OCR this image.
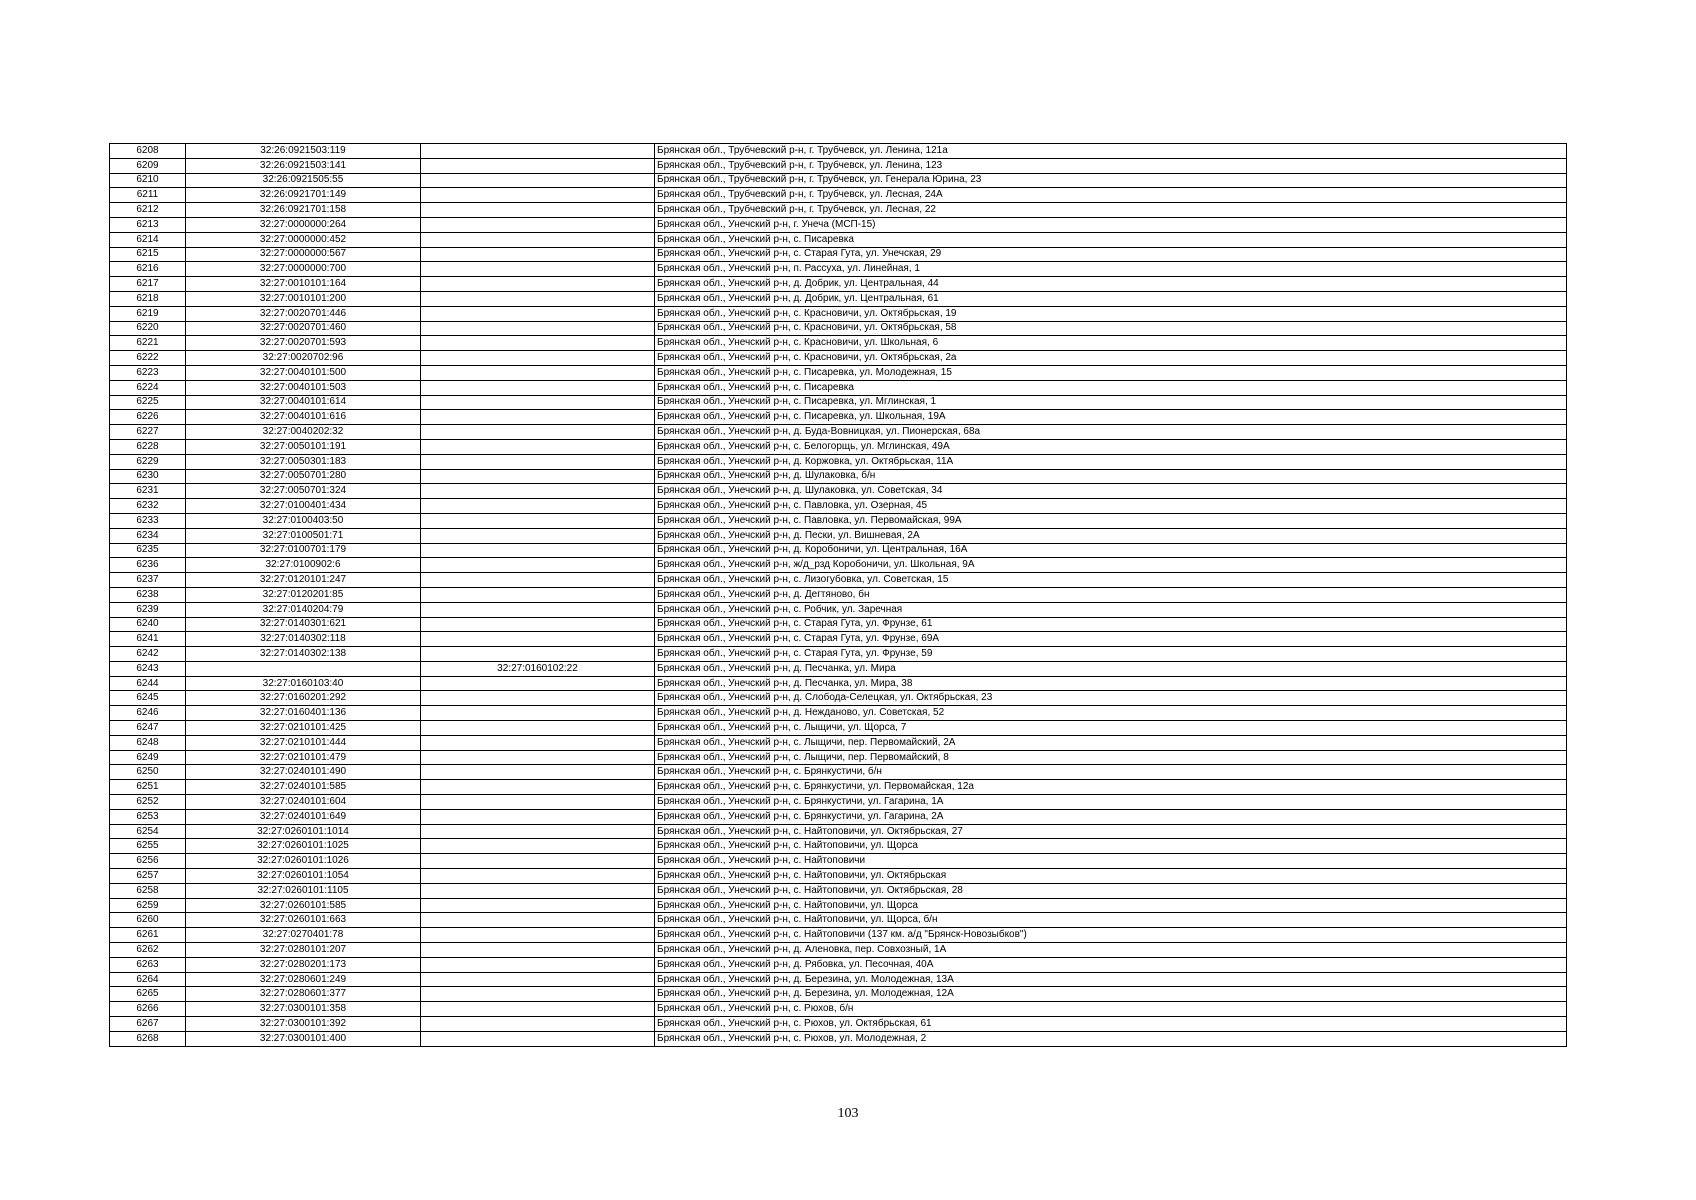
6208	32:26:0921503:119		Брянская обл., Трубчевский р-н, г. Трубчевск, ул. Ленина, 121а
6209	32:26:0921503:141		Брянская обл., Трубчевский р-н, г. Трубчевск, ул. Ленина, 123
6210	32:26:0921505:55		Брянская обл., Трубчевский р-н, г. Трубчевск, ул. Генерала Юрина, 23
6211	32:26:0921701:149		Брянская обл., Трубчевский р-н, г. Трубчевск, ул. Лесная, 24А
6212	32:26:0921701:158		Брянская обл., Трубчевский р-н, г. Трубчевск, ул. Лесная, 22
6213	32:27:0000000:264		Брянская обл., Унечский р-н, г. Унеча (МСП-15)
6214	32:27:0000000:452		Брянская обл., Унечский р-н, с. Писаревка
6215	32:27:0000000:567		Брянская обл., Унечский р-н, с. Старая Гута, ул. Унечская, 29
6216	32:27:0000000:700		Брянская обл., Унечский р-н, п. Рассуха, ул. Линейная, 1
6217	32:27:0010101:164		Брянская обл., Унечский р-н, д. Добрик, ул. Центральная, 44
6218	32:27:0010101:200		Брянская обл., Унечский р-н, д. Добрик, ул. Центральная, 61
6219	32:27:0020701:446		Брянская обл., Унечский р-н, с. Красновичи, ул. Октябрьская, 19
6220	32:27:0020701:460		Брянская обл., Унечский р-н, с. Красновичи, ул. Октябрьская, 58
6221	32:27:0020701:593		Брянская обл., Унечский р-н, с. Красновичи, ул. Школьная, 6
6222	32:27:0020702:96		Брянская обл., Унечский р-н, с. Красновичи, ул. Октябрьская, 2а
6223	32:27:0040101:500		Брянская обл., Унечский р-н, с. Писаревка, ул. Молодежная, 15
6224	32:27:0040101:503		Брянская обл., Унечский р-н, с. Писаревка
6225	32:27:0040101:614		Брянская обл., Унечский р-н, с. Писаревка, ул. Мглинская, 1
6226	32:27:0040101:616		Брянская обл., Унечский р-н, с. Писаревка, ул. Школьная, 19А
6227	32:27:0040202:32		Брянская обл., Унечский р-н, д. Буда-Вовницкая, ул. Пионерская, 68а
6228	32:27:0050101:191		Брянская обл., Унечский р-н, с. Белогорщь, ул. Мглинская, 49А
6229	32:27:0050301:183		Брянская обл., Унечский р-н, д. Коржовка, ул. Октябрьская, 11А
6230	32:27:0050701:280		Брянская обл., Унечский р-н, д. Шулаковка, б/н
6231	32:27:0050701:324		Брянская обл., Унечский р-н, д. Шулаковка, ул. Советская, 34
6232	32:27:0100401:434		Брянская обл., Унечский р-н, с. Павловка, ул. Озерная, 45
6233	32:27:0100403:50		Брянская обл., Унечский р-н, с. Павловка, ул. Первомайская, 99А
6234	32:27:0100501:71		Брянская обл., Унечский р-н, д. Пески, ул. Вишневая, 2А
6235	32:27:0100701:179		Брянская обл., Унечский р-н, д. Коробоничи, ул. Центральная, 16А
6236	32:27:0100902:6		Брянская обл., Унечский р-н, ж/д_рзд Коробоничи, ул. Школьная, 9А
6237	32:27:0120101:247		Брянская обл., Унечский р-н, с. Лизогубовка, ул. Советская, 15
6238	32:27:0120201:85		Брянская обл., Унечский р-н, д. Дегтяново, бн
6239	32:27:0140204:79		Брянская обл., Унечский р-н, с. Робчик, ул. Заречная
6240	32:27:0140301:621		Брянская обл., Унечский р-н, с. Старая Гута, ул. Фрунзе, 61
6241	32:27:0140302:118		Брянская обл., Унечский р-н, с. Старая Гута, ул. Фрунзе, 69А
6242	32:27:0140302:138		Брянская обл., Унечский р-н, с. Старая Гута, ул. Фрунзе, 59
6243		32:27:0160102:22	Брянская обл., Унечский р-н, д. Песчанка, ул. Мира
6244	32:27:0160103:40		Брянская обл., Унечский р-н, д. Песчанка, ул. Мира, 38
6245	32:27:0160201:292		Брянская обл., Унечский р-н, д. Слобода-Селецкая, ул. Октябрьская, 23
6246	32:27:0160401:136		Брянская обл., Унечский р-н, д. Нежданово, ул. Советская, 52
6247	32:27:0210101:425		Брянская обл., Унечский р-н, с. Лыщичи, ул. Щорса, 7
6248	32:27:0210101:444		Брянская обл., Унечский р-н, с. Лыщичи, пер. Первомайский, 2А
6249	32:27:0210101:479		Брянская обл., Унечский р-н, с. Лыщичи, пер. Первомайский, 8
6250	32:27:0240101:490		Брянская обл., Унечский р-н, с. Брянкустичи, б/н
6251	32:27:0240101:585		Брянская обл., Унечский р-н, с. Брянкустичи, ул. Первомайская, 12а
6252	32:27:0240101:604		Брянская обл., Унечский р-н, с. Брянкустичи, ул. Гагарина, 1А
6253	32:27:0240101:649		Брянская обл., Унечский р-н, с. Брянкустичи, ул. Гагарина, 2А
6254	32:27:0260101:1014		Брянская обл., Унечский р-н, с. Найтоповичи, ул. Октябрьская, 27
6255	32:27:0260101:1025		Брянская обл., Унечский р-н, с. Найтоповичи, ул. Щорса
6256	32:27:0260101:1026		Брянская обл., Унечский р-н, с. Найтоповичи
6257	32:27:0260101:1054		Брянская обл., Унечский р-н, с. Найтоповичи, ул. Октябрьская
6258	32:27:0260101:1105		Брянская обл., Унечский р-н, с. Найтоповичи, ул. Октябрьская, 28
6259	32:27:0260101:585		Брянская обл., Унечский р-н, с. Найтоповичи, ул. Щорса
6260	32:27:0260101:663		Брянская обл., Унечский р-н, с. Найтоповичи, ул. Щорса, б/н
6261	32:27:0270401:78		Брянская обл., Унечский р-н, с. Найтоповичи (137 км. а/д "Брянск-Новозыбков")
6262	32:27:0280101:207		Брянская обл., Унечский р-н, д. Аленовка, пер. Совхозный, 1А
6263	32:27:0280201:173		Брянская обл., Унечский р-н, д. Рябовка, ул. Песочная, 40А
6264	32:27:0280601:249		Брянская обл., Унечский р-н, д. Березина, ул. Молодежная, 13А
6265	32:27:0280601:377		Брянская обл., Унечский р-н, д. Березина, ул. Молодежная, 12А
6266	32:27:0300101:358		Брянская обл., Унечский р-н, с. Рюхов, б/н
6267	32:27:0300101:392		Брянская обл., Унечский р-н, с. Рюхов, ул. Октябрьская, 61
6268	32:27:0300101:400		Брянская обл., Унечский р-н, с. Рюхов, ул. Молодежная, 2
103
